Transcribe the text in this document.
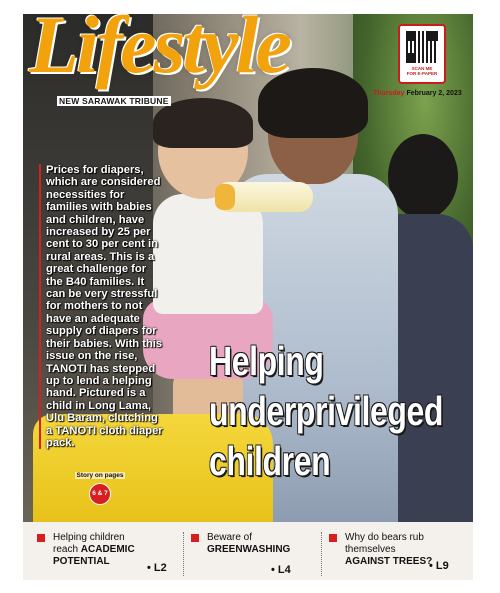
Lifestyle
NEW SARAWAK TRIBUNE
SCAN ME
FOR E-PAPER
Thursday February 2, 2023
Prices for diapers, which are considered necessities for families with babies and children, have increased by 25 per cent to 30 per cent in rural areas. This is a great challenge for the B40 families. It can be very stressful for mothers to not have an adequate supply of diapers for their babies. With this issue on the rise, TANOTI has stepped up to lend a helping hand. Pictured is a child in Long Lama, Ulu Baram, clutching a TANOTI cloth diaper pack.
Helping
underprivileged
children
Story on pages
6 & 7
Helping children
reach ACADEMIC
POTENTIAL
• L2
Beware of
GREENWASHING
• L4
Why do bears rub
themselves
AGAINST TREES?
• L9
